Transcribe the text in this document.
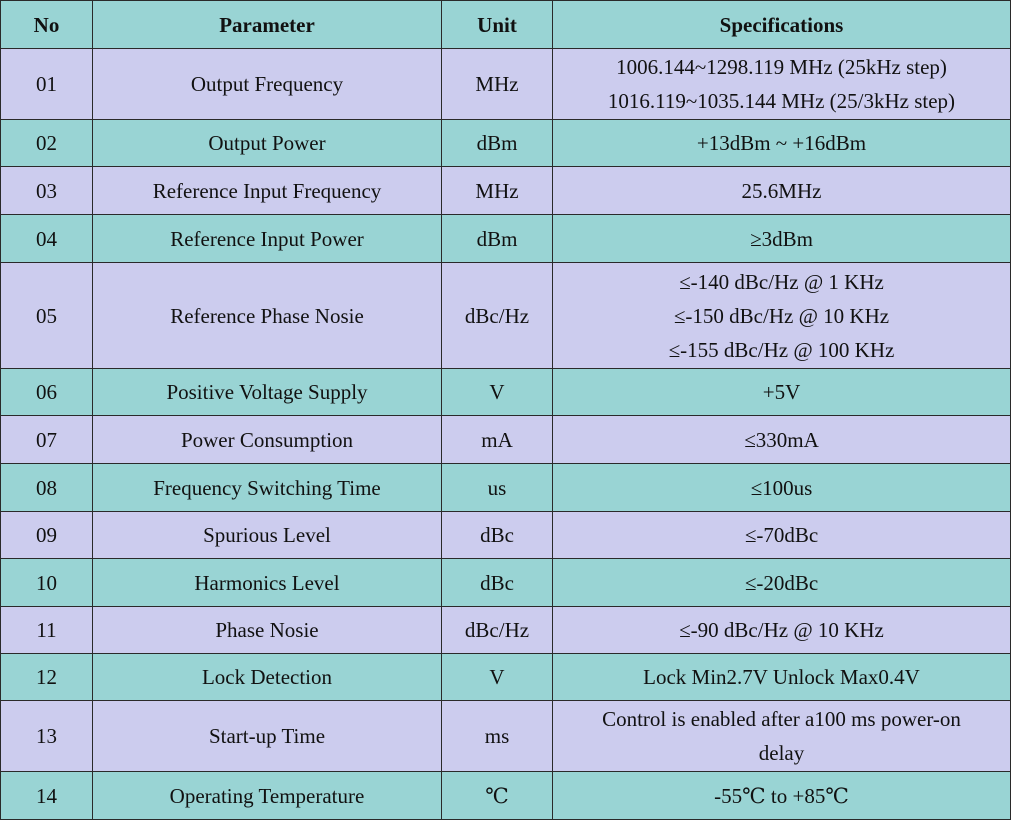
No	Parameter	Unit	Specifications
01	Output Frequency	MHz	1006.144~1298.119 MHz (25kHz step)
1016.119~1035.144 MHz (25/3kHz step)

02	Output Power	dBm	+13dBm ~ +16dBm

03	Reference Input Frequency	MHz	25.6MHz

04	Reference Input Power	dBm	≥3dBm

05	Reference Phase Nosie	dBc/Hz	≤-140 dBc/Hz @ 1 KHz
≤-150 dBc/Hz @ 10 KHz
≤-155 dBc/Hz @ 100 KHz

06	Positive Voltage Supply	V	+5V

07	Power Consumption	mA	≤330mA

08	Frequency Switching Time	us	≤100us

09	Spurious Level	dBc	≤-70dBc

10	Harmonics Level	dBc	≤-20dBc

11	Phase Nosie	dBc/Hz	≤-90 dBc/Hz @ 10 KHz

12	Lock Detection	V	Lock Min2.7V Unlock Max0.4V

13	Start-up Time	ms	Control is enabled after a100 ms power-on
delay

14	Operating Temperature	℃	-55℃ to +85℃
